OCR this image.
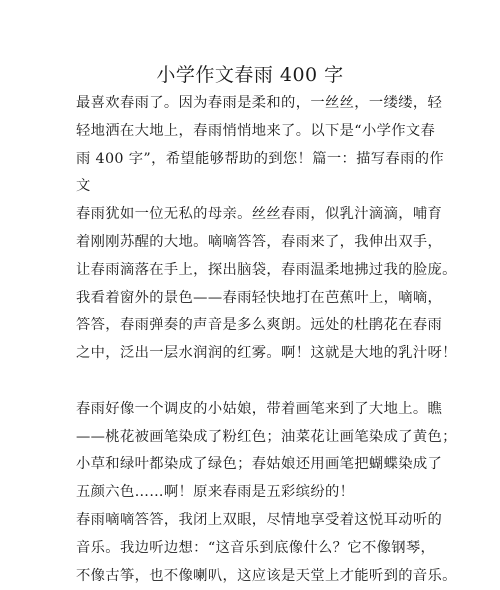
小学作文春雨 400 字
最喜欢春雨了。因为春雨是柔和的，一丝丝，一缕缕，轻
轻地洒在大地上，春雨悄悄地来了。以下是“小学作文春
雨 400 字”，希望能够帮助的到您！篇一：描写春雨的作
文
春雨犹如一位无私的母亲。丝丝春雨，似乳汁滴滴，哺育
着刚刚苏醒的大地。嘀嘀答答，春雨来了，我伸出双手，
让春雨滴落在手上，探出脑袋，春雨温柔地拂过我的脸庞。
我看着窗外的景色——春雨轻快地打在芭蕉叶上，嘀嘀，
答答，春雨弹奏的声音是多么爽朗。远处的杜鹃花在春雨
之中，泛出一层水润润的红雾。啊！这就是大地的乳汁呀！
春雨好像一个调皮的小姑娘，带着画笔来到了大地上。瞧
——桃花被画笔染成了粉红色；油菜花让画笔染成了黄色；
小草和绿叶都染成了绿色；春姑娘还用画笔把蝴蝶染成了
五颜六色……啊！原来春雨是五彩缤纷的！
春雨嘀嘀答答，我闭上双眼，尽情地享受着这悦耳动听的
音乐。我边听边想：“这音乐到底像什么？它不像钢琴，
不像古筝，也不像喇叭，这应该是天堂上才能听到的音乐。
